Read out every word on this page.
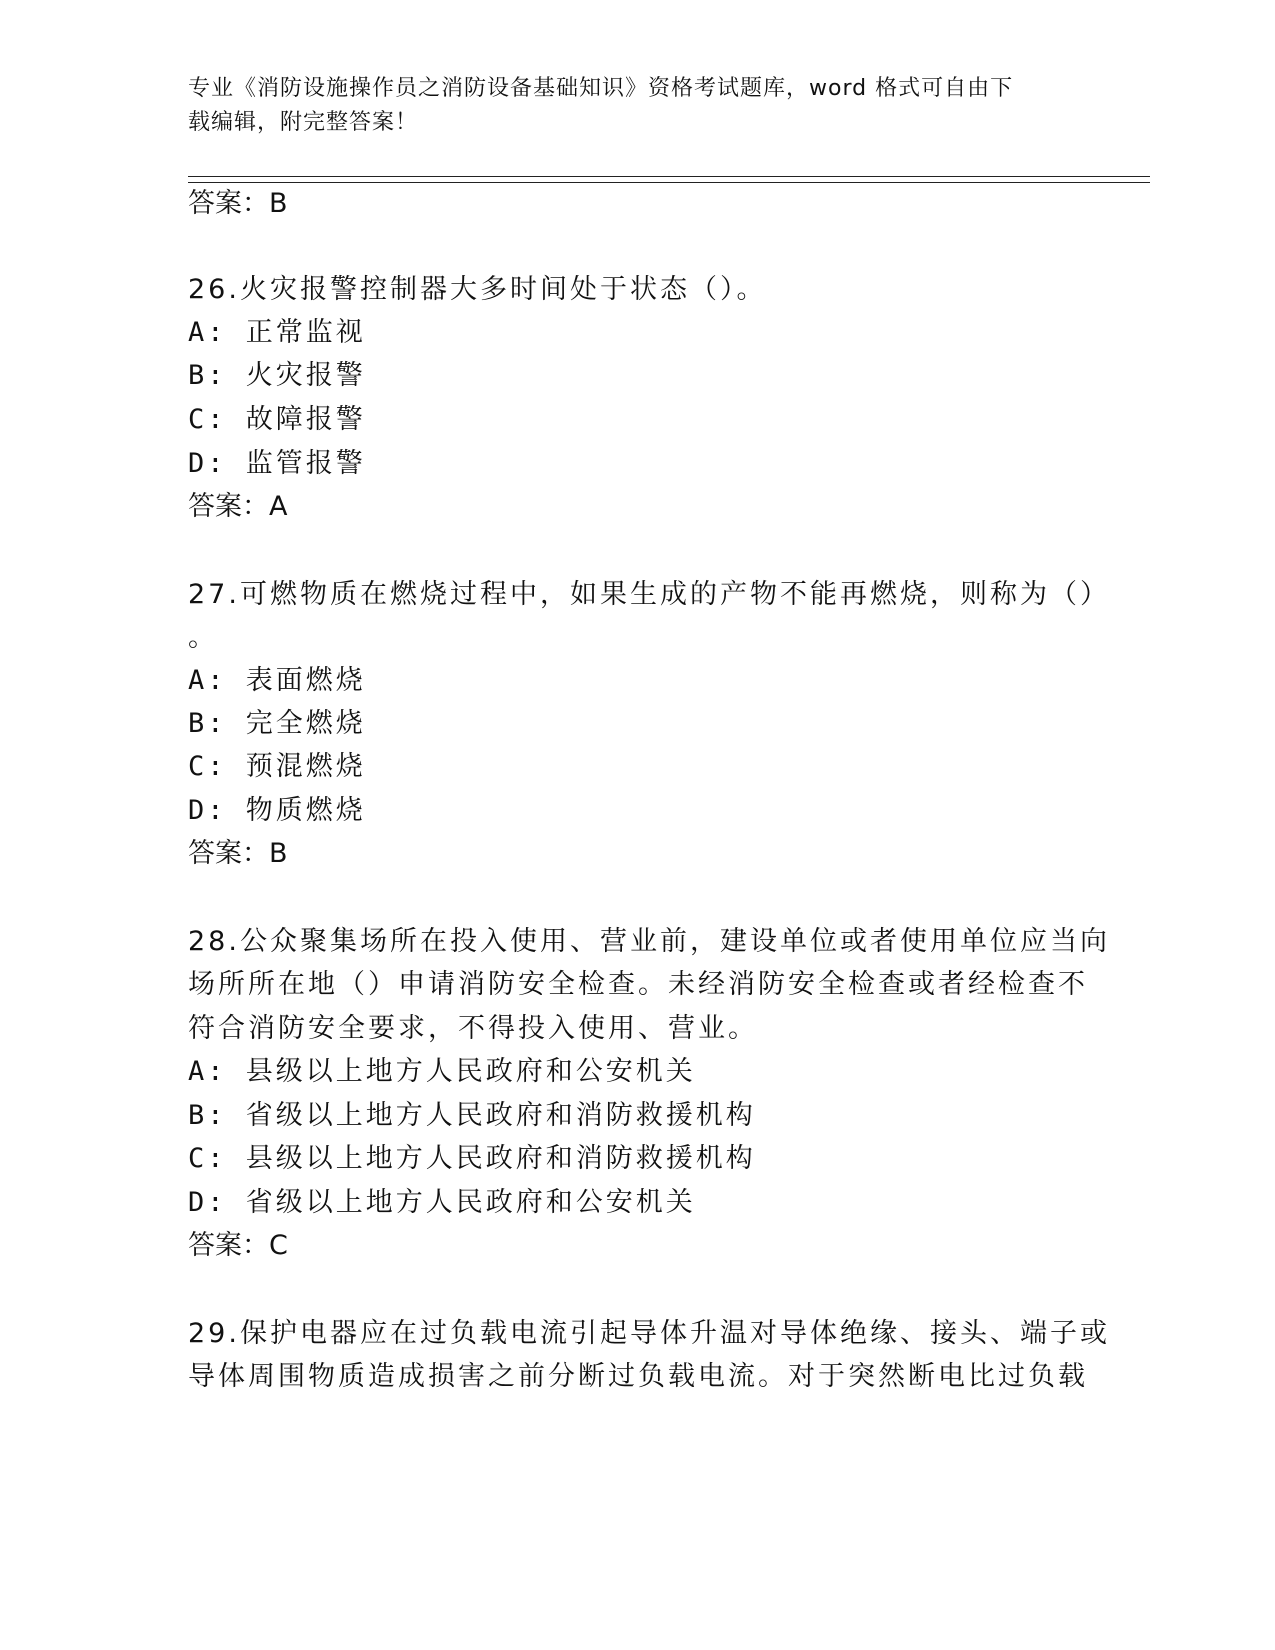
专业《消防设施操作员之消防设备基础知识》资格考试题库，word 格式可自由下
载编辑，附完整答案！
答案：B
26.火灾报警控制器大多时间处于状态（）。
A: 正常监视
B: 火灾报警
C: 故障报警
D: 监管报警
答案：A
27.可燃物质在燃烧过程中，如果生成的产物不能再燃烧，则称为（）
。
A: 表面燃烧
B: 完全燃烧
C: 预混燃烧
D: 物质燃烧
答案：B
28.公众聚集场所在投入使用、营业前，建设单位或者使用单位应当向
场所所在地（）申请消防安全检查。未经消防安全检查或者经检查不
符合消防安全要求，不得投入使用、营业。
A: 县级以上地方人民政府和公安机关
B: 省级以上地方人民政府和消防救援机构
C: 县级以上地方人民政府和消防救援机构
D: 省级以上地方人民政府和公安机关
答案：C
29.保护电器应在过负载电流引起导体升温对导体绝缘、接头、端子或
导体周围物质造成损害之前分断过负载电流。对于突然断电比过负载
